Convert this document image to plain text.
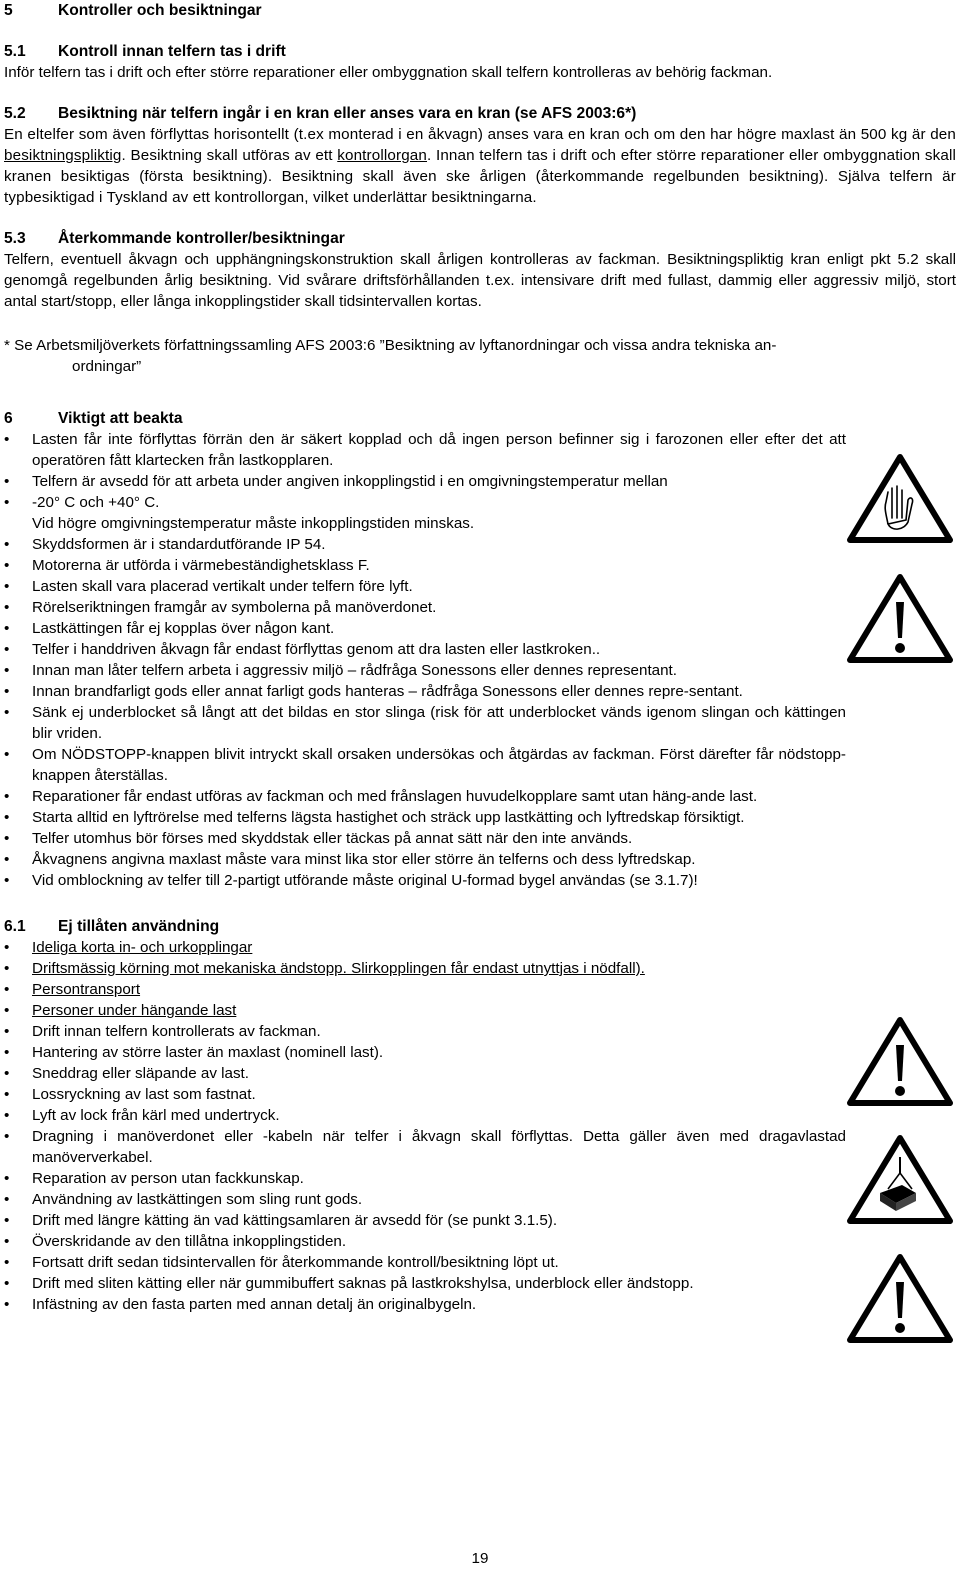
5	Kontroller och besiktningar
5.1 Kontroll innan telfern tas i drift

Inför telfern tas i drift och efter större reparationer eller ombyggnation skall telfern kontrolleras av behörig fackman.

5.2 Besiktning när telfern ingår i en kran eller anses vara en kran (se AFS 2003:6*)

En eltelfer som även förflyttas horisontellt (t.ex monterad i en åkvagn) anses vara en kran och om den har högre maxlast än 500 kg är den besiktningspliktig. Besiktning skall utföras av ett kontrollorgan. Innan telfern tas i drift och efter större reparationer eller ombyggnation skall kranen besiktigas (första besiktning). Besiktning skall även ske årligen (återkommande regelbunden besiktning). Själva telfern är typbesiktigad i Tyskland av ett kontrollorgan, vilket underlättar besiktningarna.

5.3 Återkommande kontroller/besiktningar

Telfern, eventuell åkvagn och upphängningskonstruktion skall årligen kontrolleras av fackman. Besiktningspliktig kran enligt pkt 5.2 skall genomgå regelbunden årlig besiktning. Vid svårare driftsförhållanden t.ex. intensivare drift med fullast, dammig eller aggressiv miljö, stort antal start/stopp, eller långa inkopplingstider skall tidsintervallen kortas.

* Se Arbetsmiljöverkets författningssamling AFS 2003:6 ”Besiktning av lyftanordningar och vissa andra tekniska an-
ordningar”

6	Viktigt att beakta
• Lasten får inte förflyttas förrän den är säkert kopplad och då ingen person befinner sig i farozonen eller efter det att operatören fått klartecken från lastkopplaren.
• Telfern är avsedd för att arbeta under angiven inkopplingstid i en omgivningstemperatur mellan
• -20° C och +40° C.
Vid högre omgivningstemperatur måste inkopplingstiden minskas.
• Skyddsformen är i standardutförande IP 54.
• Motorerna är utförda i värmebeständighetsklass F.
• Lasten skall vara placerad vertikalt under telfern före lyft.
• Rörelseriktningen framgår av symbolerna på manöverdonet.
• Lastkättingen får ej kopplas över någon kant.
• Telfer i handdriven åkvagn får endast förflyttas genom att dra lasten eller lastkroken..
• Innan man låter telfern arbeta i aggressiv miljö – rådfråga Sonessons eller dennes representant.
• Innan brandfarligt gods eller annat farligt gods hanteras – rådfråga Sonessons eller dennes repre-sentant.
• Sänk ej underblocket så långt att det bildas en stor slinga (risk för att underblocket vänds igenom slingan och kättingen blir vriden.
• Om NÖDSTOPP-knappen blivit intryckt skall orsaken undersökas och åtgärdas av fackman. Först därefter får nödstopp-knappen återställas.
• Reparationer får endast utföras av fackman och med frånslagen huvudelkopplare samt utan häng-ande last.
• Starta alltid en lyftrörelse med telferns lägsta hastighet och sträck upp lastkätting och lyftredskap försiktigt.
• Telfer utomhus bör förses med skyddstak eller täckas på annat sätt när den inte används.
• Åkvagnens angivna maxlast måste vara minst lika stor eller större än telferns och dess lyftredskap.
• Vid omblockning av telfer till 2-partigt utförande måste original U-formad bygel användas (se 3.1.7)!
6.1 Ej tillåten användning
• Ideliga korta in- och urkopplingar
• Driftsmässig körning mot mekaniska ändstopp. Slirkopplingen får endast utnyttjas i nödfall).
• Persontransport
• Personer under hängande last
• Drift innan telfern kontrollerats av fackman.
• Hantering av större laster än maxlast (nominell last).
• Sneddrag eller släpande av last.
• Lossryckning av last som fastnat.
• Lyft av lock från kärl med undertryck.
• Dragning i manöverdonet eller -kabeln när telfer i åkvagn skall förflyttas. Detta gäller även med dragavlastad manöververkabel.
• Reparation av person utan fackkunskap.
• Användning av lastkättingen som sling runt gods.
• Drift med längre kätting än vad kättingsamlaren är avsedd för (se punkt 3.1.5).
• Överskridande av den tillåtna inkopplingstiden.
• Fortsatt drift sedan tidsintervallen för återkommande kontroll/besiktning löpt ut.
• Drift med sliten kätting eller när gummibuffert saknas på lastkrokshylsa, underblock eller ändstopp.
• Infästning av den fasta parten med annan detalj än originalbygeln.
19
